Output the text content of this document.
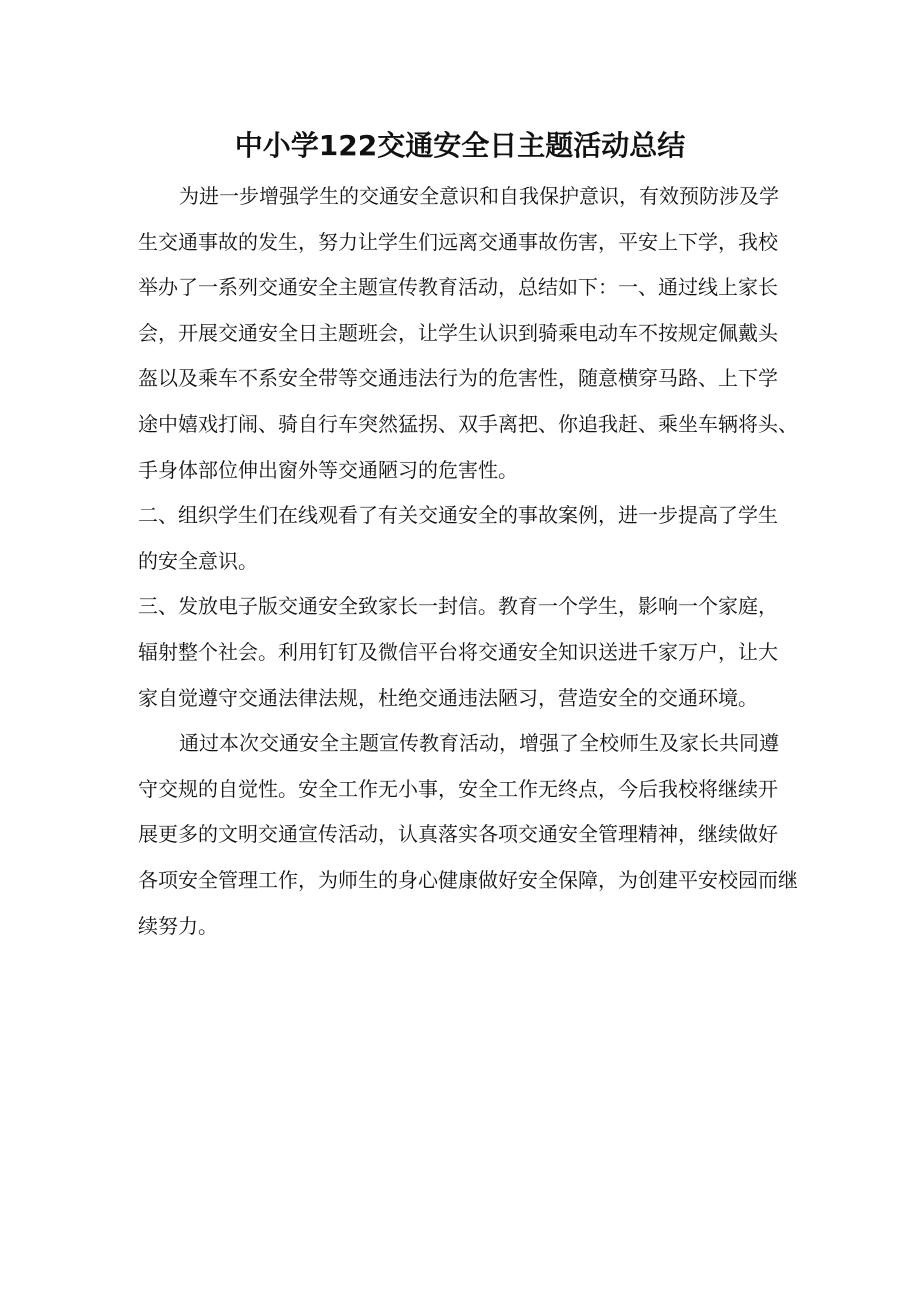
中小学122交通安全日主题活动总结
为进一步增强学生的交通安全意识和自我保护意识，有效预防涉及学
生交通事故的发生，努力让学生们远离交通事故伤害，平安上下学，我校
举办了一系列交通安全主题宣传教育活动，总结如下：一、通过线上家长
会，开展交通安全日主题班会，让学生认识到骑乘电动车不按规定佩戴头
盔以及乘车不系安全带等交通违法行为的危害性，随意横穿马路、上下学
途中嬉戏打闹、骑自行车突然猛拐、双手离把、你追我赶、乘坐车辆将头、
手身体部位伸出窗外等交通陋习的危害性。
二、组织学生们在线观看了有关交通安全的事故案例，进一步提高了学生
的安全意识。
三、发放电子版交通安全致家长一封信。教育一个学生，影响一个家庭，
辐射整个社会。利用钉钉及微信平台将交通安全知识送进千家万户，让大
家自觉遵守交通法律法规，杜绝交通违法陋习，营造安全的交通环境。
通过本次交通安全主题宣传教育活动，增强了全校师生及家长共同遵
守交规的自觉性。安全工作无小事，安全工作无终点，今后我校将继续开
展更多的文明交通宣传活动，认真落实各项交通安全管理精神，继续做好
各项安全管理工作，为师生的身心健康做好安全保障，为创建平安校园而继
续努力。
